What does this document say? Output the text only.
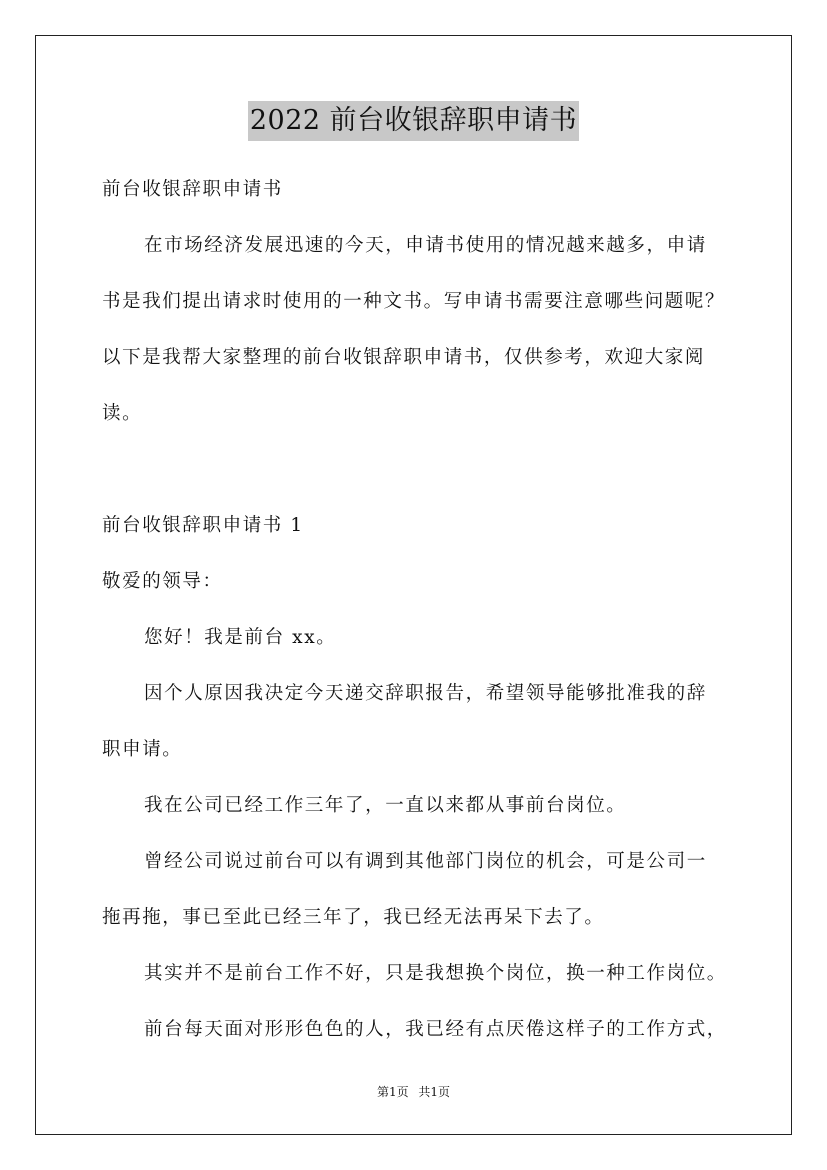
2022 前台收银辞职申请书
前台收银辞职申请书
在市场经济发展迅速的今天，申请书使用的情况越来越多，申请
书是我们提出请求时使用的一种文书。写申请书需要注意哪些问题呢？
以下是我帮大家整理的前台收银辞职申请书，仅供参考，欢迎大家阅
读。
前台收银辞职申请书 1
敬爱的领导：
您好！我是前台 xx。
因个人原因我决定今天递交辞职报告，希望领导能够批准我的辞
职申请。
我在公司已经工作三年了，一直以来都从事前台岗位。
曾经公司说过前台可以有调到其他部门岗位的机会，可是公司一
拖再拖，事已至此已经三年了，我已经无法再呆下去了。
其实并不是前台工作不好，只是我想换个岗位，换一种工作岗位。
前台每天面对形形色色的人，我已经有点厌倦这样子的工作方式，
第1页 共1页
